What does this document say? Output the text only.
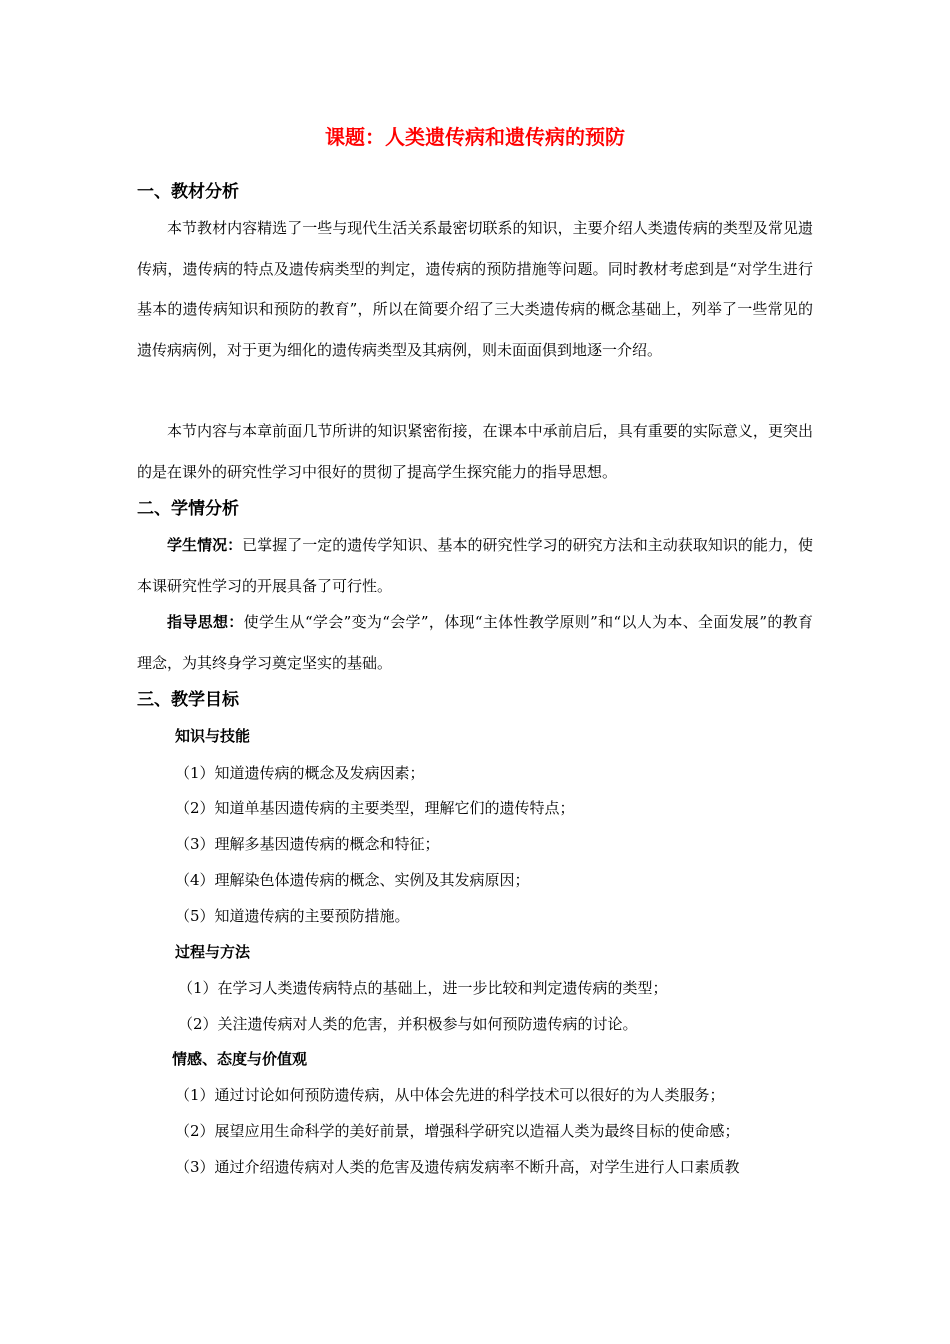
课题：人类遗传病和遗传病的预防
一、教材分析

本节教材内容精选了一些与现代生活关系最密切联系的知识，主要介绍人类遗传病的类型及常见遗传病，遗传病的特点及遗传病类型的判定，遗传病的预防措施等问题。同时教材考虑到是“对学生进行基本的遗传病知识和预防的教育”，所以在简要介绍了三大类遗传病的概念基础上，列举了一些常见的遗传病病例，对于更为细化的遗传病类型及其病例，则未面面俱到地逐一介绍。

本节内容与本章前面几节所讲的知识紧密衔接，在课本中承前启后，具有重要的实际意义，更突出的是在课外的研究性学习中很好的贯彻了提高学生探究能力的指导思想。

二、学情分析

学生情况：已掌握了一定的遗传学知识、基本的研究性学习的研究方法和主动获取知识的能力，使本课研究性学习的开展具备了可行性。

指导思想：使学生从“学会”变为“会学”，体现“主体性教学原则”和“以人为本、全面发展”的教育理念，为其终身学习奠定坚实的基础。

三、教学目标
知识与技能
（1）知道遗传病的概念及发病因素；
（2）知道单基因遗传病的主要类型，理解它们的遗传特点；
（3）理解多基因遗传病的概念和特征；
（4）理解染色体遗传病的概念、实例及其发病原因；
（5）知道遗传病的主要预防措施。
过程与方法
（1）在学习人类遗传病特点的基础上，进一步比较和判定遗传病的类型；
（2）关注遗传病对人类的危害，并积极参与如何预防遗传病的讨论。
情感、态度与价值观
（1）通过讨论如何预防遗传病，从中体会先进的科学技术可以很好的为人类服务；
（2）展望应用生命科学的美好前景，增强科学研究以造福人类为最终目标的使命感；
（3）通过介绍遗传病对人类的危害及遗传病发病率不断升高，对学生进行人口素质教
